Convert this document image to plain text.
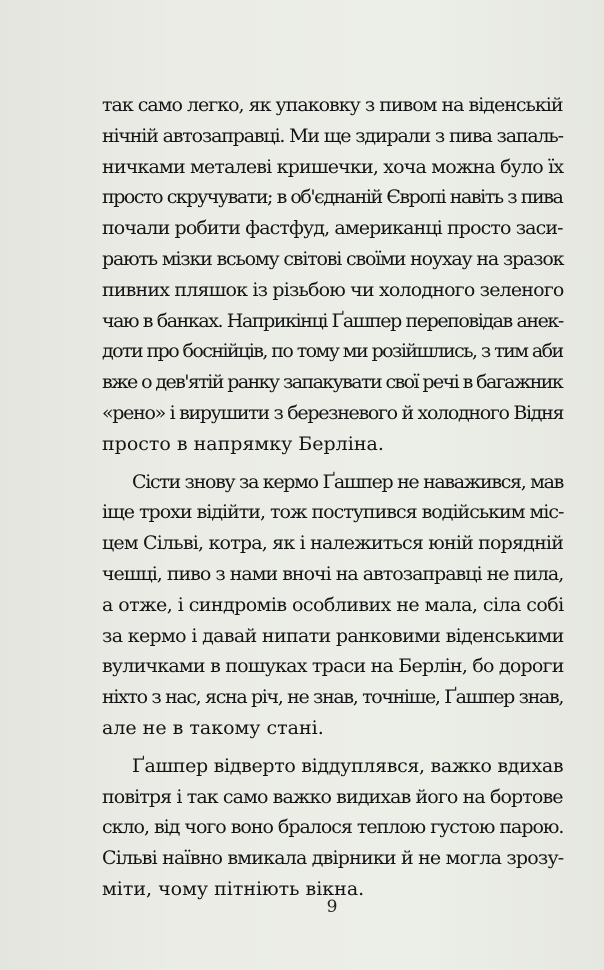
так само легко, як упаковку з пивом на віденській
нічній автозаправці. Ми ще здирали з пива запаль-
ничками металеві кришечки, хоча можна було їх
просто скручувати; в об'єднаній Європі навіть з пива
почали робити фастфуд, американці просто заси-
рають мізки всьому світові своїми ноухау на зразок
пивних пляшок із різьбою чи холодного зеленого
чаю в банках. Наприкінці Ґашпер переповідав анек-
доти про боснійців, по тому ми розійшлись, з тим аби
вже о дев'ятій ранку запакувати свої речі в багажник
«рено» і вирушити з березневого й холодного Відня
просто в напрямку Берліна.

Сісти знову за кермо Ґашпер не наважився, мав
іще трохи відійти, тож поступився водійським міс-
цем Сільві, котра, як і належиться юній порядній
чешці, пиво з нами вночі на автозаправці не пила,
а отже, і синдромів особливих не мала, сіла собі
за кермо і давай нипати ранковими віденськими
вуличками в пошуках траси на Берлін, бо дороги
ніхто з нас, ясна річ, не знав, точніше, Ґашпер знав,
але не в такому стані.

Ґашпер відверто віддуплявся, важко вдихав
повітря і так само важко видихав його на бортове
скло, від чого воно бралося теплою густою парою.
Сільві наївно вмикала двірники й не могла зрозу-
міти, чому пітніють вікна.

9
